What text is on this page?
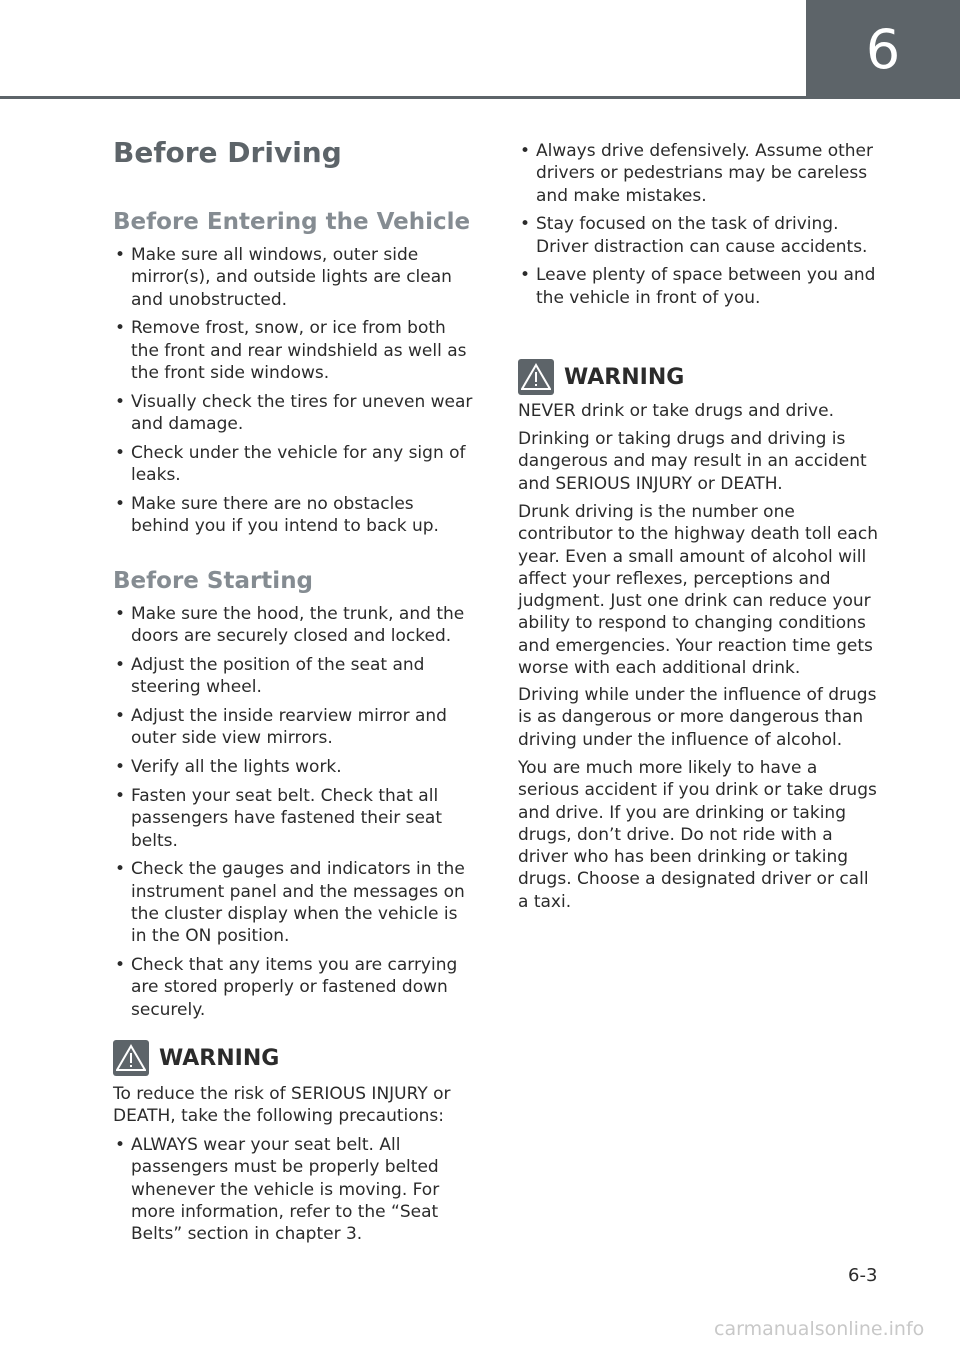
6
Before Driving
Before Entering the Vehicle
• Make sure all windows, outer side mirror(s), and outside lights are clean and unobstructed.
• Remove frost, snow, or ice from both the front and rear windshield as well as the front side windows.
• Visually check the tires for uneven wear and damage.
• Check under the vehicle for any sign of leaks.
• Make sure there are no obstacles behind you if you intend to back up.
Before Starting
• Make sure the hood, the trunk, and the doors are securely closed and locked.
• Adjust the position of the seat and steering wheel.
• Adjust the inside rearview mirror and outer side view mirrors.
• Verify all the lights work.
• Fasten your seat belt. Check that all passengers have fastened their seat belts.
• Check the gauges and indicators in the instrument panel and the messages on the cluster display when the vehicle is in the ON position.
• Check that any items you are carrying are stored properly or fastened down securely.
WARNING

To reduce the risk of SERIOUS INJURY or DEATH, take the following precautions:

• ALWAYS wear your seat belt. All passengers must be properly belted whenever the vehicle is moving. For more information, refer to the “Seat Belts” section in chapter 3.
• Always drive defensively. Assume other drivers or pedestrians may be careless and make mistakes.
• Stay focused on the task of driving. Driver distraction can cause accidents.
• Leave plenty of space between you and the vehicle in front of you.
WARNING

NEVER drink or take drugs and drive.

Drinking or taking drugs and driving is dangerous and may result in an accident and SERIOUS INJURY or DEATH.

Drunk driving is the number one contributor to the highway death toll each year. Even a small amount of alcohol will affect your reflexes, perceptions and judgment. Just one drink can reduce your ability to respond to changing conditions and emergencies. Your reaction time gets worse with each additional drink.

Driving while under the influence of drugs is as dangerous or more dangerous than driving under the influence of alcohol.

You are much more likely to have a serious accident if you drink or take drugs and drive. If you are drinking or taking drugs, don’t drive. Do not ride with a driver who has been drinking or taking drugs. Choose a designated driver or call a taxi.

6-3
carmanualsonline.info
